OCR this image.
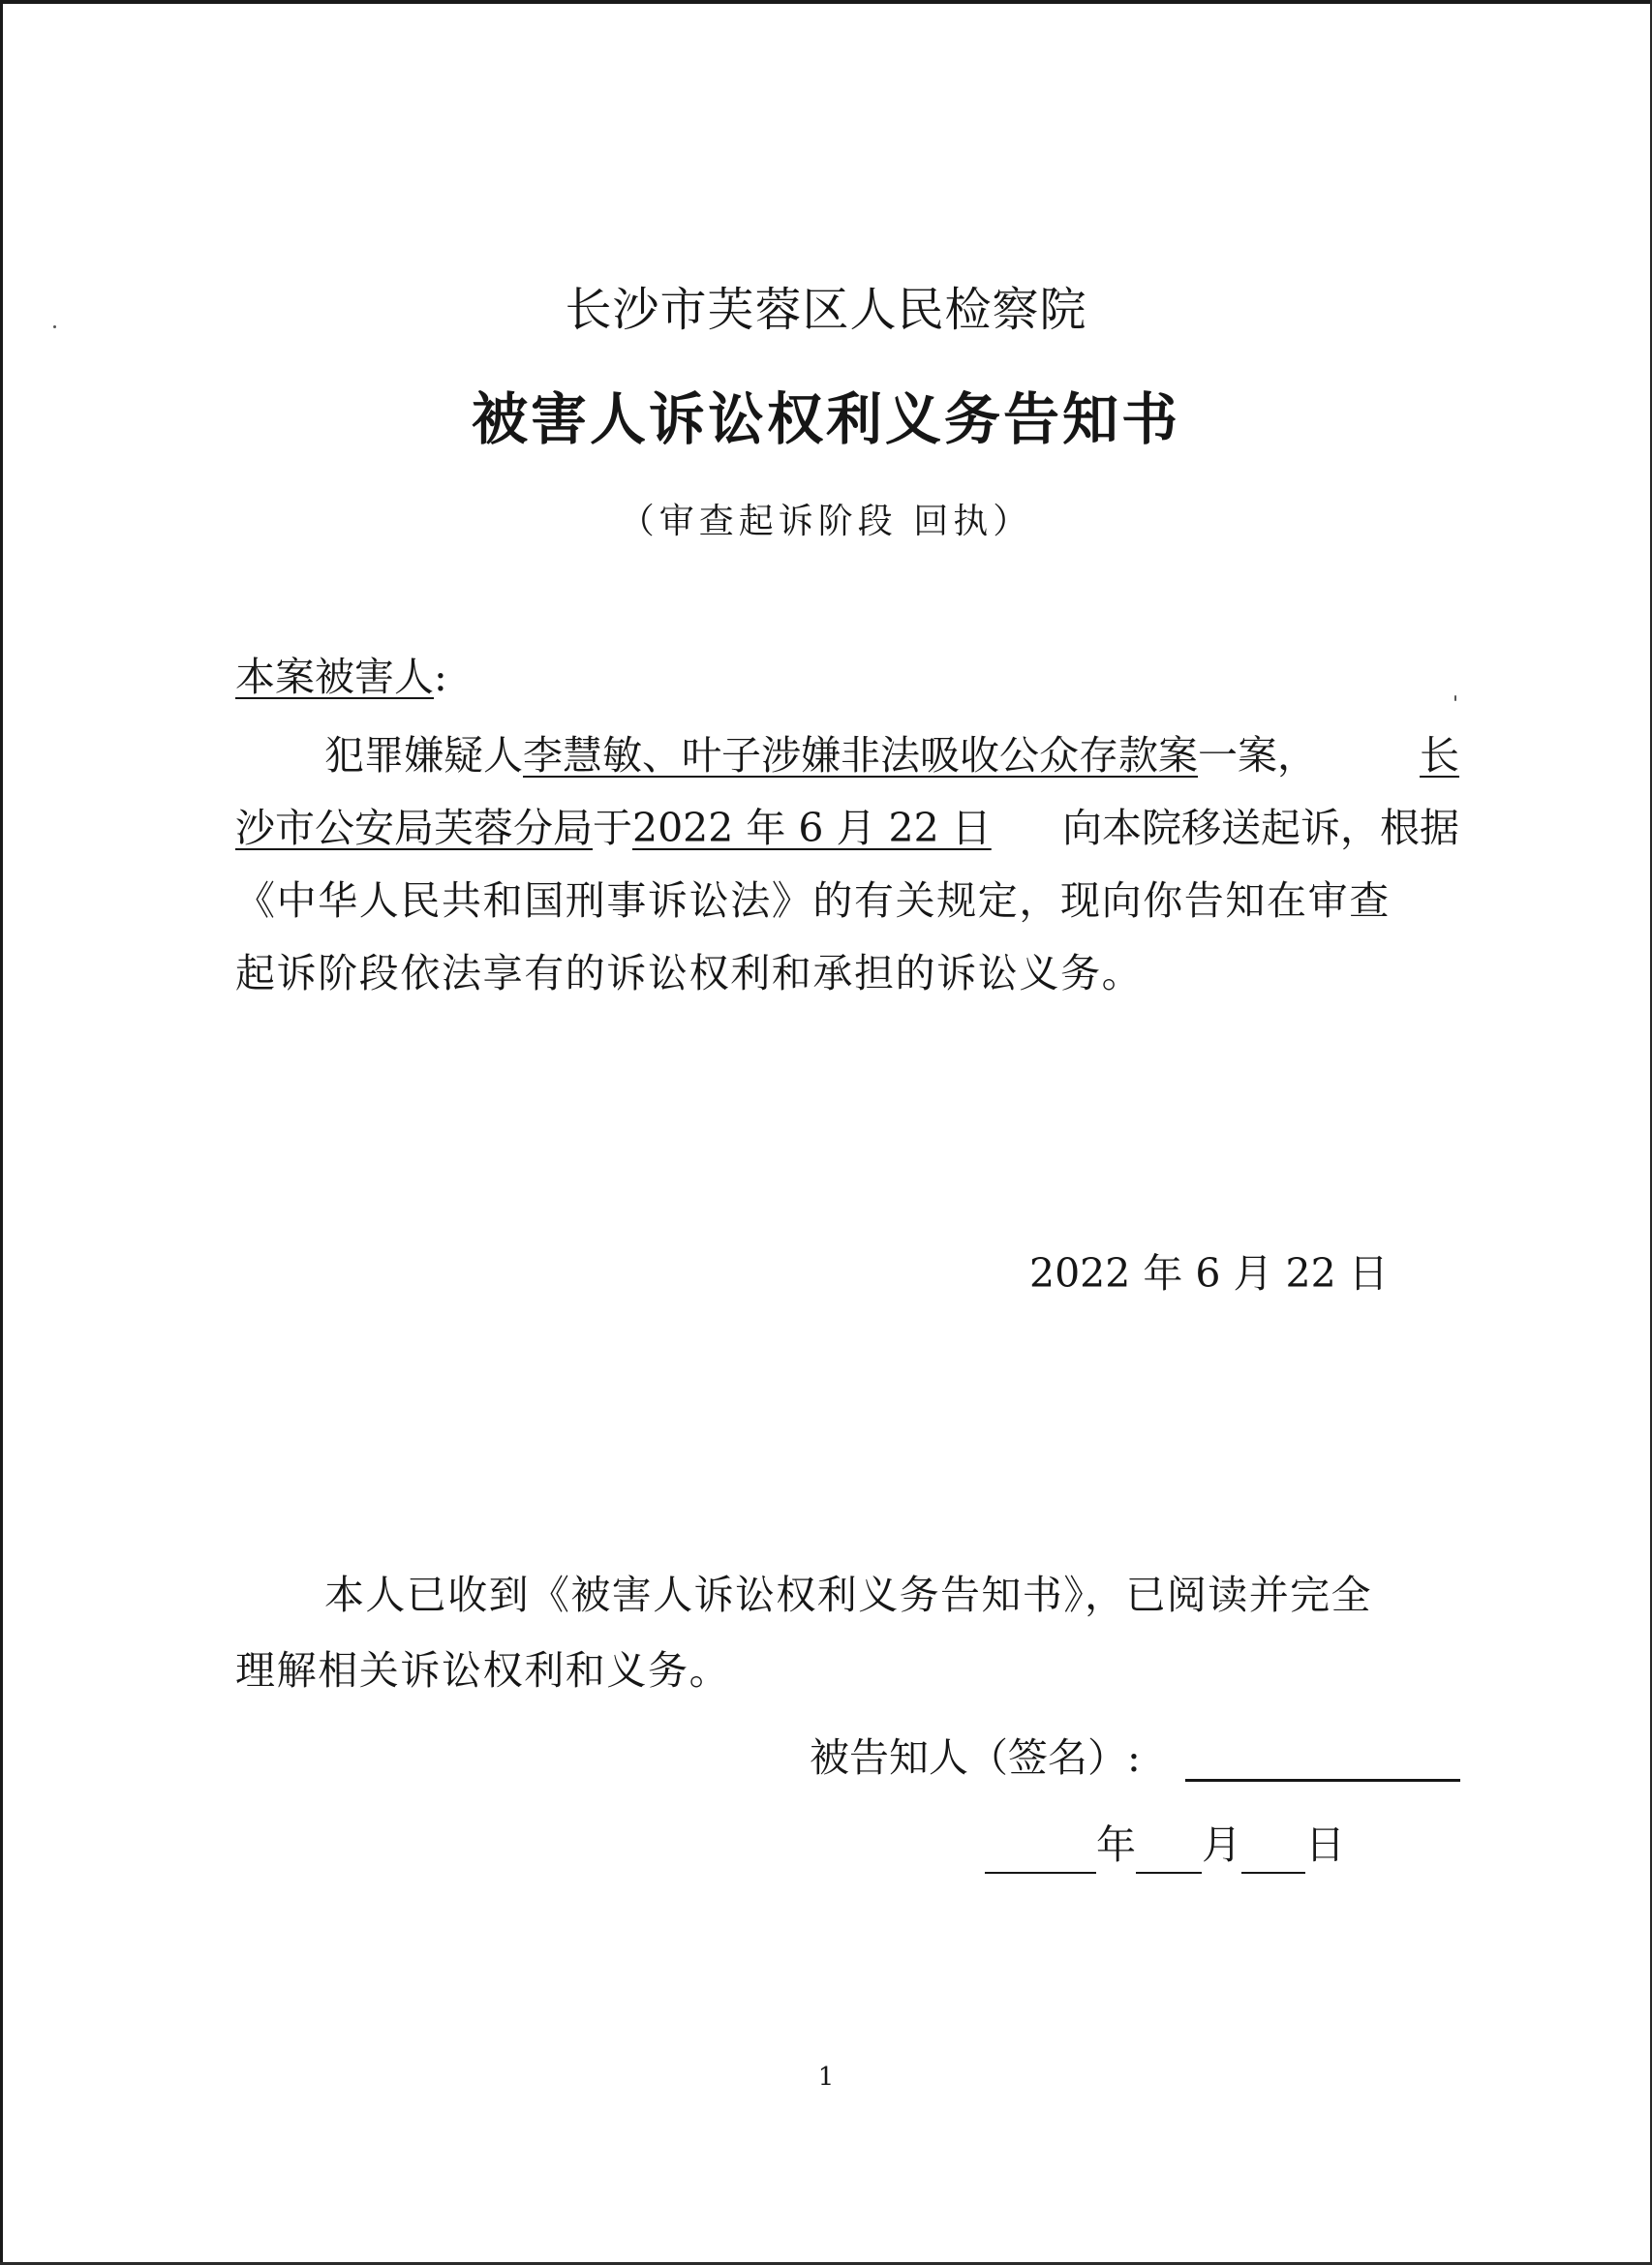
长沙市芙蓉区人民检察院
被害人诉讼权利义务告知书
（审查起诉阶段 回执）
本案被害人:
犯罪嫌疑人李慧敏、叶子涉嫌非法吸收公众存款案一案，	长
沙市公安局芙蓉分局于2022 年 6 月 22 日 向本院移送起诉，根据
《中华人民共和国刑事诉讼法》的有关规定，现向你告知在审查
起诉阶段依法享有的诉讼权利和承担的诉讼义务。
2022 年 6 月 22 日
本人已收到《被害人诉讼权利义务告知书》，已阅读并完全
理解相关诉讼权利和义务。
被告知人（签名）:
年 月 日
1
